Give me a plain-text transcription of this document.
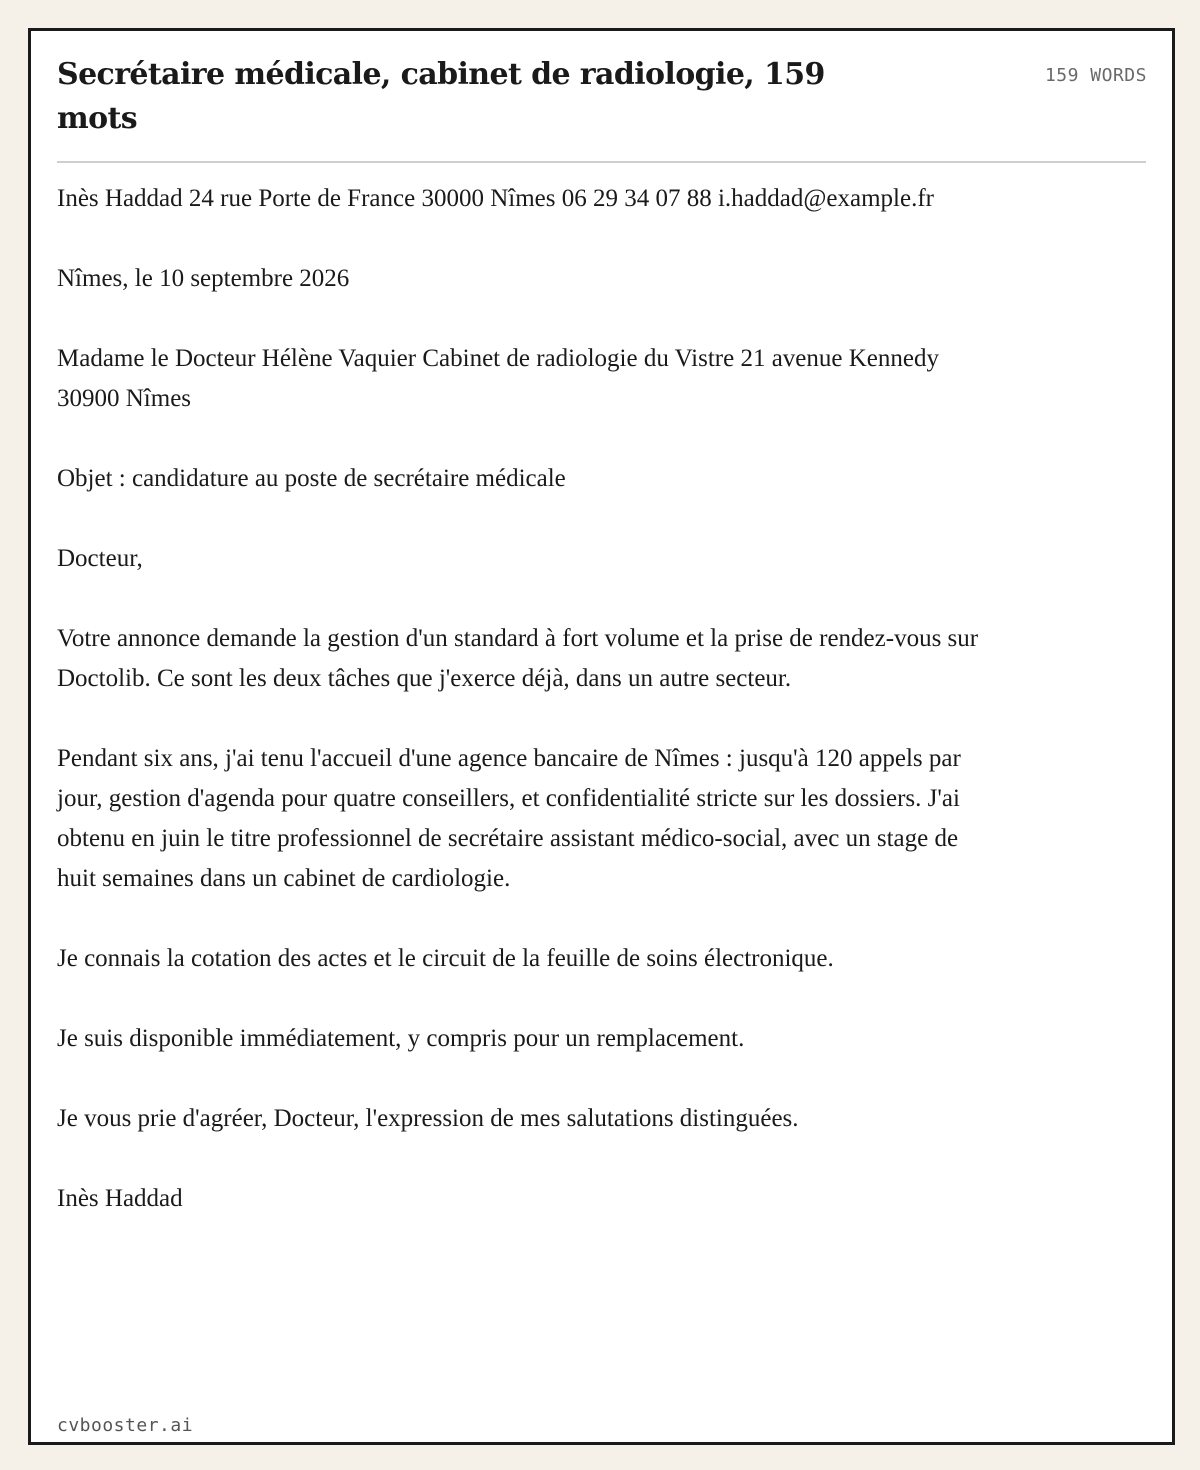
Secrétaire médicale, cabinet de radiologie, 159 mots
159 WORDS

Inès Haddad 24 rue Porte de France 30000 Nîmes 06 29 34 07 88 i.haddad@example.fr

Nîmes, le 10 septembre 2026

Madame le Docteur Hélène Vaquier Cabinet de radiologie du Vistre 21 avenue Kennedy 30900 Nîmes

Objet : candidature au poste de secrétaire médicale

Docteur,

Votre annonce demande la gestion d'un standard à fort volume et la prise de rendez-vous sur Doctolib. Ce sont les deux tâches que j'exerce déjà, dans un autre secteur.

Pendant six ans, j'ai tenu l'accueil d'une agence bancaire de Nîmes : jusqu'à 120 appels par jour, gestion d'agenda pour quatre conseillers, et confidentialité stricte sur les dossiers. J'ai obtenu en juin le titre professionnel de secrétaire assistant médico-social, avec un stage de huit semaines dans un cabinet de cardiologie.

Je connais la cotation des actes et le circuit de la feuille de soins électronique.

Je suis disponible immédiatement, y compris pour un remplacement.

Je vous prie d'agréer, Docteur, l'expression de mes salutations distinguées.

Inès Haddad

cvbooster.ai
